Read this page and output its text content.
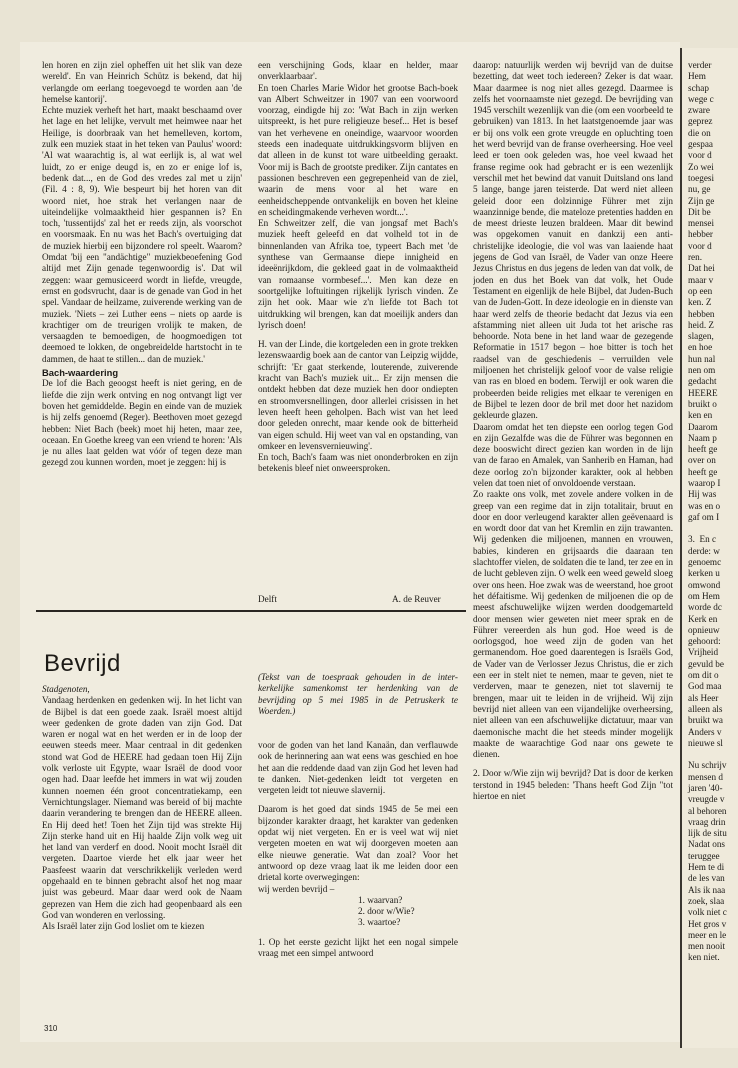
len horen en zijn ziel opheffen uit het slik van deze wereld'. En van Heinrich Schütz is bekend, dat hij verlangde om eerlang toegevoegd te worden aan 'de hemelse kantorij'.

Echte muziek verheft het hart, maakt beschaamd over het lage en het lelijke, vervult met heimwee naar het Heilige, is doorbraak van het hemelleven, kortom, zulk een muziek staat in het teken van Paulus' woord: 'Al wat waarachtig is, al wat eerlijk is, al wat wel luidt, zo er enige deugd is, en zo er enige lof is, bedenk dat..., en de God des vredes zal met u zijn' (Fil. 4 : 8, 9). Wie bespeurt bij het horen van dit woord niet, hoe strak het verlangen naar de uiteindelijke volmaaktheid hier gespannen is? En toch, 'tussentijds' zal het er reeds zijn, als voorschot en voorsmaak. En nu was het Bach's overtuiging dat de muziek hierbij een bijzondere rol speelt. Waarom? Omdat 'bij een "andächtige" muziekbeoefening God altijd met Zijn genade tegenwoordig is'. Dat wil zeggen: waar gemusiceerd wordt in liefde, vreugde, ernst en godsvrucht, daar is de genade van God in het spel. Vandaar de heilzame, zuiverende werking van de muziek. 'Niets – zei Luther eens – niets op aarde is krachtiger om de treurigen vrolijk te maken, de versaagden te bemoedigen, de hoogmoedigen tot deemoed te lokken, de ongebreidelde hartstocht in te dammen, de haat te stillen... dan de muziek.'

Bach-waardering

De lof die Bach geoogst heeft is niet gering, en de liefde die zijn werk ontving en nog ontvangt ligt ver boven het gemiddelde. Begin en einde van de muziek is hij zelfs genoemd (Reger). Beethoven moet gezegd hebben: Niet Bach (beek) moet hij heten, maar zee, oceaan. En Goethe kreeg van een vriend te horen: 'Als je nu alles laat gelden wat vóór of tegen deze man gezegd zou kunnen worden, moet je zeggen: hij is

een verschijning Gods, klaar en helder, maar onverklaarbaar'.

En toen Charles Marie Widor het grootse Bach-boek van Albert Schweitzer in 1907 van een voorwoord voorzag, eindigde hij zo: 'Wat Bach in zijn werken uitspreekt, is het pure religieuze besef... Het is besef van het verhevene en oneindige, waarvoor woorden steeds een inadequate uitdrukkingsvorm blijven en dat alleen in de kunst tot ware uitbeelding geraakt. Voor mij is Bach de grootste prediker. Zijn cantates en passionen beschreven een gegrepenheid van de ziel, waarin de mens voor al het ware en eenheidscheppende ontvankelijk en boven het kleine en scheidingmakende verheven wordt...'.

En Schweitzer zelf, die van jongsaf met Bach's muziek heeft geleefd en dat volheld tot in de binnenlanden van Afrika toe, typeert Bach met 'de synthese van Germaanse diepe innigheid en ideeënrijkdom, die gekleed gaat in de volmaaktheid van romaanse vormbesef...'. Men kan deze en soortgelijke loftuitingen rijkelijk lyrisch vinden. Ze zijn het ook. Maar wie z'n liefde tot Bach tot uitdrukking wil brengen, kan dat moeilijk anders dan lyrisch doen!

H. van der Linde, die kortgeleden een in grote trekken lezenswaardig boek aan de cantor van Leipzig wijdde, schrijft: 'Er gaat sterkende, louterende, zuiverende kracht van Bach's muziek uit... Er zijn mensen die ontdekt hebben dat deze muziek hen door ondiepten en stroomversnellingen, door allerlei crisissen in het leven heeft heen geholpen. Bach wist van het leed door geleden onrecht, maar kende ook de bitterheid van eigen schuld. Hij weet van val en opstanding, van omkeer en levensvernieuwing'.

En toch, Bach's faam was niet ononderbroken en zijn betekenis bleef niet onweersproken.

Delft	A. de Reuver

daarop: natuurlijk werden wij bevrijd van de duitse bezetting, dat weet toch iedereen? Zeker is dat waar. Maar daarmee is nog niet alles gezegd. Daarmee is zelfs het voornaamste niet gezegd. De bevrijding van 1945 verschilt wezenlijk van die (om een voorbeeld te gebruiken) van 1813. In het laatstgenoemde jaar was er bij ons volk een grote vreugde en opluchting toen het werd bevrijd van de franse overheersing. Hoe veel leed er toen ook geleden was, hoe veel kwaad het franse regime ook had gebracht er is een wezenlijk verschil met het bewind dat vanuit Duitsland ons land 5 lange, bange jaren teisterde. Dat werd niet alleen geleid door een dolzinnige Führer met zijn waanzinnige bende, die mateloze pretenties hadden en de meest driestе leuzen braldeen. Maar dit bewind was opgekomen vanuit en dankzij een anti-christelijke ideologie, die vol was van laaiende haat jegens de God van Israël, de Vader van onze Heere Jezus Christus en dus jegens de leden van dat volk, de joden en dus het Boek van dat volk, het Oude Testament en eigenlijk de hele Bijbel, dat Juden-Buch van de Juden-Gott. In deze ideologie en in dienste van haar werd zelfs de theorie bedacht dat Jezus via een afstamming niet alleen uit Juda tot het arische ras behoorde. Nota bene in het land waar de gezegende Reformatie in 1517 begon – hoe bitter is toch het raadsel van de geschiedenis – verruilden vele miljoenen het christelijk geloof voor de valse religie van ras en bloed en bodem. Terwijl er ook waren die probeerden beide religies met elkaar te verenigen en de Bijbel te lezen door de bril met door het nazidom gekleurde glazen.

Daarom omdat het ten diepste een oorlog tegen God en zijn Gezalfde was die de Führer was begonnen en deze booswicht direct gezien kan worden in de lijn van de farao en Amalek, van Sanherib en Haman, had deze oorlog zo'n bijzonder karakter, ook al hebben velen dat toen niet of onvoldoende verstaan.

Zo raakte ons volk, met zovele andere volken in de greep van een regime dat in zijn totalitair, bruut en door en door verleugend karakter allen geëvenaard is en wordt door dat van het Kremlin en zijn trawanten. Wij gedenken die miljoenen, mannen en vrouwen, babies, kinderen en grijsaards die daaraan ten slachtoffer vielen, de soldaten die te land, ter zee en in de lucht gebleven zijn. O welk een weed geweld sloeg over ons heen. Hoe zwak was de weerstand, hoe groot het défaitisme. Wij gedenken de miljoenen die op de meest afschuwelijke wijzen werden doodgemarteld door mensen wier geweten niet meer sprak en de Führer vereerden als hun god. Hoe weed is de oorlogsgod, hoe weed zijn de goden van het germanendom. Hoe goed daarentegen is Israëls God, de Vader van de Verlosser Jezus Christus, die er zich een eer in stelt niet te nemen, maar te geven, niet te verderven, maar te genezen, niet tot slavernij te brengen, maar uit te leiden in de vrijheid. Wij zijn bevrijd niet alleen van een vijandelijke overheersing, niet alleen van een afschuwelijke dictatuur, maar van daemonische macht die het steeds minder mogelijk maakte de waarachtige God naar ons gewete te dienen.

2. Door w/Wie zijn wij bevrijd? Dat is door de kerken terstond in 1945 beleden: 'Thans heeft God Zijn "tot hiertoe en niet

Bevrijd

Stadgenoten,

Vandaag herdenken en gedenken wij. In het licht van de Bijbel is dat een goede zaak. Israël moest altijd weer gedenken de grote daden van zijn God. Dat waren er nogal wat en het werden er in de loop der eeuwen steeds meer. Maar centraal in dit gedenken stond wat God de HEERE had gedaan toen Hij Zijn volk verloste uit Egypte, waar Israël de dood voor ogen had. Daar leefde het immers in wat wij zouden kunnen noemen één groot concentratiekamp, een Vernichtungslager. Niemand was bereid of bij machte daarin verandering te brengen dan de HEERE alleen. En Hij deed het! Toen het Zijn tijd was strekte Hij Zijn sterke hand uit en Hij haalde Zijn volk weg uit het land van verderf en dood. Nooit mocht Israël dit vergeten. Daartoe vierde het elk jaar weer het Paasfeest waarin dat verschrikkelijk verleden werd opgehaald en te binnen gebracht alsof het nog maar juist was gebeurd. Maar daar werd ook de Naam geprezen van Hem die zich had geopenbaard als een God van wonderen en verlossing.

Als Israël later zijn God losliet om te kiezen

(Tekst van de toespraak gehouden in de inter-kerkelijke samenkomst ter herdenking van de bevrijding op 5 mei 1985 in de Petruskerk te Woerden.)

voor de goden van het land Kanaän, dan verflauwde ook de herinnering aan wat eens was geschied en hoe het aan die reddende daad van zijn God het leven had te danken. Niet-gedenken leidt tot vergeten en vergeten leidt tot nieuwe slavernij.

Daarom is het goed dat sinds 1945 de 5e mei een bijzonder karakter draagt, het karakter van gedenken opdat wij niet vergeten. En er is veel wat wij niet vergeten moeten en wat wij doorgeven moeten aan elke nieuwe generatie. Wat dan zoal? Voor het antwoord op deze vraag laat ik me leiden door een drietal korte overwegingen:

wij werden bevrijd –

1. waarvan?

2. door w/Wie?

3. waartoe?

1. Op het eerste gezicht lijkt het een nogal simpele vraag met een simpel antwoord

310

verder

Hem

schap

wege c

zware

geprez

die on

gespaa

voor d

Zo wei

toegesi

nu, ge

Zijn ge

Dit be

mensei

hebber

voor d

ren.

Dat hei

maar v

op een

ken. Z

hebben

heid. Z

slagen,

en hoe

hun nal

nen om

gedacht

HEERE

bruikt o

ken en

Daarom

Naam p

heeft ge

over on

heeft ge

waarop I

Hij was

was en o

gaf om I

3.  En c

derde: w

genoemc

kerken u

omwond

om Hem

worde dc

Kerk en

opnieuw

gehoord:

Vrijheid

gevuld be

om dit o

God maa

als Heer

alleen als

bruikt wa

Anders v

nieuwe sl

Nu schrijv

mensen d

jaren '40-

vreugde v

al behoren

vraag drin

lijk de situ

Nadat ons

teruggee

Hem te di

de les van

Als ik naa

zoek, slaa

volk niet c

Het gros v

meer en le

men nooit

ken niet.
